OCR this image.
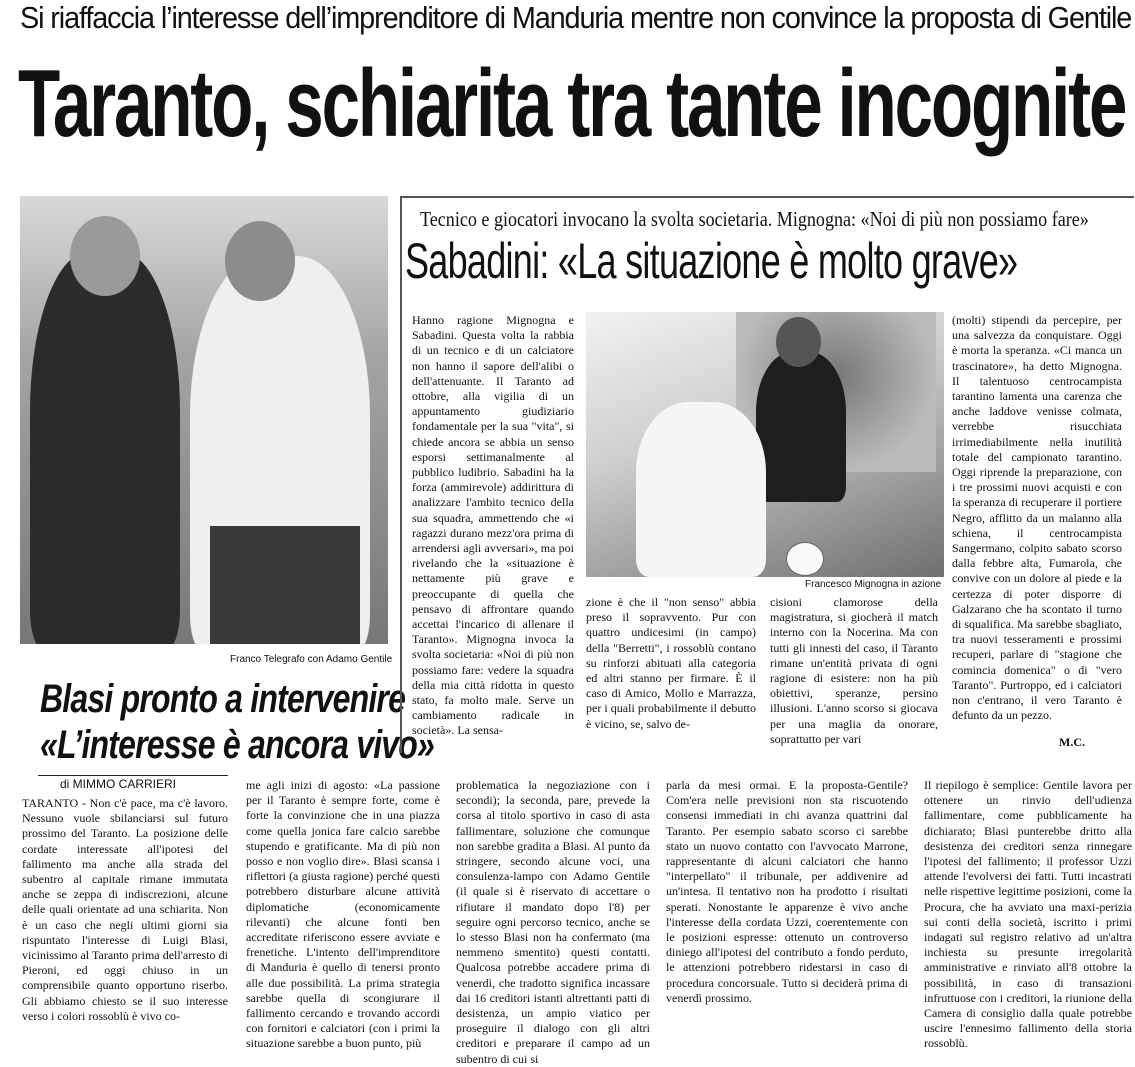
Si riaffaccia l’interesse dell’imprenditore di Manduria mentre non convince la proposta di Gentile
Taranto, schiarita tra tante incognite
Franco Telegrafo con Adamo Gentile
Blasi pronto a intervenire
«L’interesse è ancora vivo»
di MIMMO CARRIERI
TARANTO - Non c'è pace, ma c'è lavoro. Nessuno vuole sbilanciarsi sul futuro prossimo del Taranto. La posizione delle cordate interessate all'ipotesi del fallimento ma anche alla strada del subentro al capitale rimane immutata anche se zeppa di indiscrezioni, alcune delle quali orientate ad una schiarita. Non è un caso che negli ultimi giorni sia rispuntato l'interesse di Luigi Blasi, vicinissimo al Taranto prima dell'arresto di Pieroni, ed oggi chiuso in un comprensibile quanto opportuno riserbo. Gli abbiamo chiesto se il suo interesse verso i colori rossoblù è vivo co-
me agli inizi di agosto: «La passione per il Taranto è sempre forte, come è forte la convinzione che in una piazza come quella jonica fare calcio sarebbe stupendo e gratificante. Ma di più non posso e non voglio dire». Blasi scansa i riflettori (a giusta ragione) perché questi potrebbero disturbare alcune attività diplomatiche (economicamente rilevanti) che alcune fonti ben accreditate riferiscono essere avviate e frenetiche. L'intento dell'imprenditore di Manduria è quello di tenersi pronto alle due possibilità. La prima strategia sarebbe quella di scongiurare il fallimento cercando e trovando accordi con fornitori e calciatori (con i primi la situazione sarebbe a buon punto, più
problematica la negoziazione con i secondi); la seconda, pare, prevede la corsa al titolo sportivo in caso di asta fallimentare, soluzione che comunque non sarebbe gradita a Blasi. Al punto da stringere, secondo alcune voci, una consulenza-lampo con Adamo Gentile (il quale si è riservato di accettare o rifiutare il mandato dopo l'8) per seguire ogni percorso tecnico, anche se lo stesso Blasi non ha confermato (ma nemmeno smentito) questi contatti. Qualcosa potrebbe accadere prima di venerdì, che tradotto significa incassare dai 16 creditori istanti altrettanti patti di desistenza, un ampio viatico per proseguire il dialogo con gli altri creditori e preparare il campo ad un subentro di cui si
parla da mesi ormai. E la proposta-Gentile? Com'era nelle previsioni non sta riscuotendo consensi immediati in chi avanza quattrini dal Taranto. Per esempio sabato scorso ci sarebbe stato un nuovo contatto con l'avvocato Marrone, rappresentante di alcuni calciatori che hanno "interpellato" il tribunale, per addivenire ad un'intesa. Il tentativo non ha prodotto i risultati sperati. Nonostante le apparenze è vivo anche l'interesse della cordata Uzzi, coerentemente con le posizioni espresse: ottenuto un controverso diniego all'ipotesi del contributo a fondo perduto, le attenzioni potrebbero ridestarsi in caso di procedura concorsuale. Tutto si deciderà prima di venerdì prossimo.
Il riepilogo è semplice: Gentile lavora per ottenere un rinvio dell'udienza fallimentare, come pubblicamente ha dichiarato; Blasi punterebbe dritto alla desistenza dei creditori senza rinnegare l'ipotesi del fallimento; il professor Uzzi attende l'evolversi dei fatti. Tutti incastrati nelle rispettive legittime posizioni, come la Procura, che ha avviato una maxi-perizia sui conti della società, iscritto i primi indagati sul registro relativo ad un'altra inchiesta su presunte irregolarità amministrative e rinviato all'8 ottobre la possibilità, in caso di transazioni infruttuose con i creditori, la riunione della Camera di consiglio dalla quale potrebbe uscire l'ennesimo fallimento della storia rossoblù.
Tecnico e giocatori invocano la svolta societaria. Mignogna: «Noi di più non possiamo fare»
Sabadini: «La situazione è molto grave»
Francesco Mignogna in azione
Hanno ragione Mignogna e Sabadini. Questa volta la rabbia di un tecnico e di un calciatore non hanno il sapore dell'alibi o dell'attenuante. Il Taranto ad ottobre, alla vigilia di un appuntamento giudiziario fondamentale per la sua "vita", si chiede ancora se abbia un senso esporsi settimanalmente al pubblico ludibrio. Sabadini ha la forza (ammirevole) addirittura di analizzare l'ambito tecnico della sua squadra, ammettendo che «i ragazzi durano mezz'ora prima di arrendersi agli avversari», ma poi rivelando che la «situazione è nettamente più grave e preoccupante di quella che pensavo di affrontare quando accettai l'incarico di allenare il Taranto». Mignogna invoca la svolta societaria: «Noi di più non possiamo fare: vedere la squadra della mia città ridotta in questo stato, fa molto male. Serve un cambiamento radicale in società». La sensa-
zione è che il "non senso" abbia preso il sopravvento. Pur con quattro undicesimi (in campo) della "Berretti", i rossoblù contano su rinforzi abituati alla categoria ed altri stanno per firmare. È il caso di Amico, Mollo e Marrazza, per i quali probabilmente il debutto è vicino, se, salvo de-
cisioni clamorose della magistratura, si giocherà il match interno con la Nocerina. Ma con tutti gli innesti del caso, il Taranto rimane un'entità privata di ogni ragione di esistere: non ha più obiettivi, speranze, persino illusioni. L'anno scorso si giocava per una maglia da onorare, soprattutto per vari
(molti) stipendi da percepire, per una salvezza da conquistare. Oggi è morta la speranza. «Ci manca un trascinatore», ha detto Mignogna. Il talentuoso centrocampista tarantino lamenta una carenza che anche laddove venisse colmata, verrebbe risucchiata irrimediabilmente nella inutilità totale del campionato tarantino. Oggi riprende la preparazione, con i tre prossimi nuovi acquisti e con la speranza di recuperare il portiere Negro, afflitto da un malanno alla schiena, il centrocampista Sangermano, colpito sabato scorso dalla febbre alta, Fumarola, che convive con un dolore al piede e la certezza di poter disporre di Galzarano che ha scontato il turno di squalifica. Ma sarebbe sbagliato, tra nuovi tesseramenti e prossimi recuperi, parlare di "stagione che comincia domenica" o di "vero Taranto". Purtroppo, ed i calciatori non c'entrano, il vero Taranto è defunto da un pezzo.
M.C.
